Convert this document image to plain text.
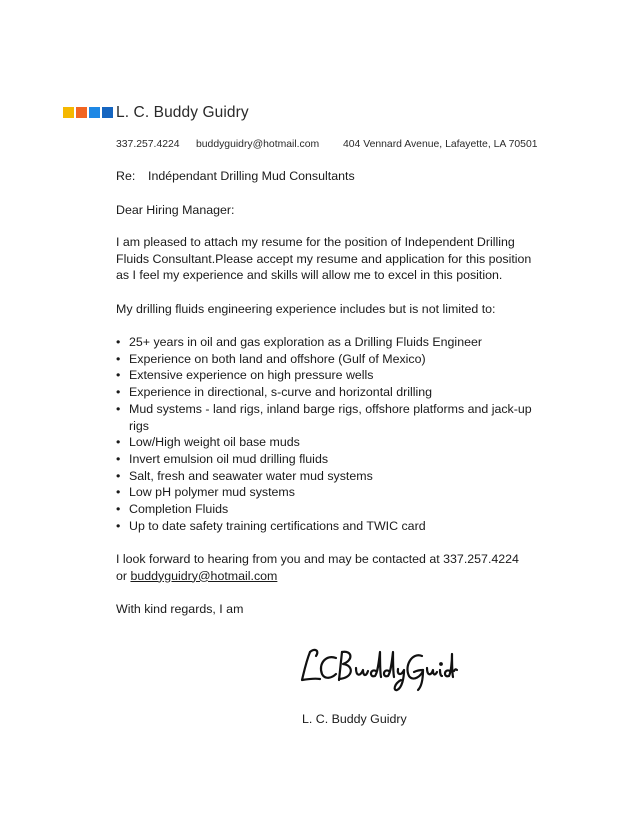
L. C. Buddy Guidry
337.257.4224 buddyguidry@hotmail.com 404 Vennard Avenue, Lafayette, LA 70501
Re: Indépendant Drilling Mud Consultants
Dear Hiring Manager:
I am pleased to attach my resume for the position of Independent Drilling
Fluids Consultant.Please accept my resume and application for this position
as I feel my experience and skills will allow me to excel in this position.
My drilling fluids engineering experience includes but is not limited to:
• 25+ years in oil and gas exploration as a Drilling Fluids Engineer
• Experience on both land and offshore (Gulf of Mexico)
• Extensive experience on high pressure wells
• Experience in directional, s-curve and horizontal drilling
• Mud systems - land rigs, inland barge rigs, offshore platforms and jack-up rigs
• Low/High weight oil base muds
• Invert emulsion oil mud drilling fluids
• Salt, fresh and seawater water mud systems
• Low pH polymer mud systems
• Completion Fluids
• Up to date safety training certifications and TWIC card
I look forward to hearing from you and may be contacted at 337.257.4224
or buddyguidry@hotmail.com
With kind regards, I am
L. C. Buddy Guidry
